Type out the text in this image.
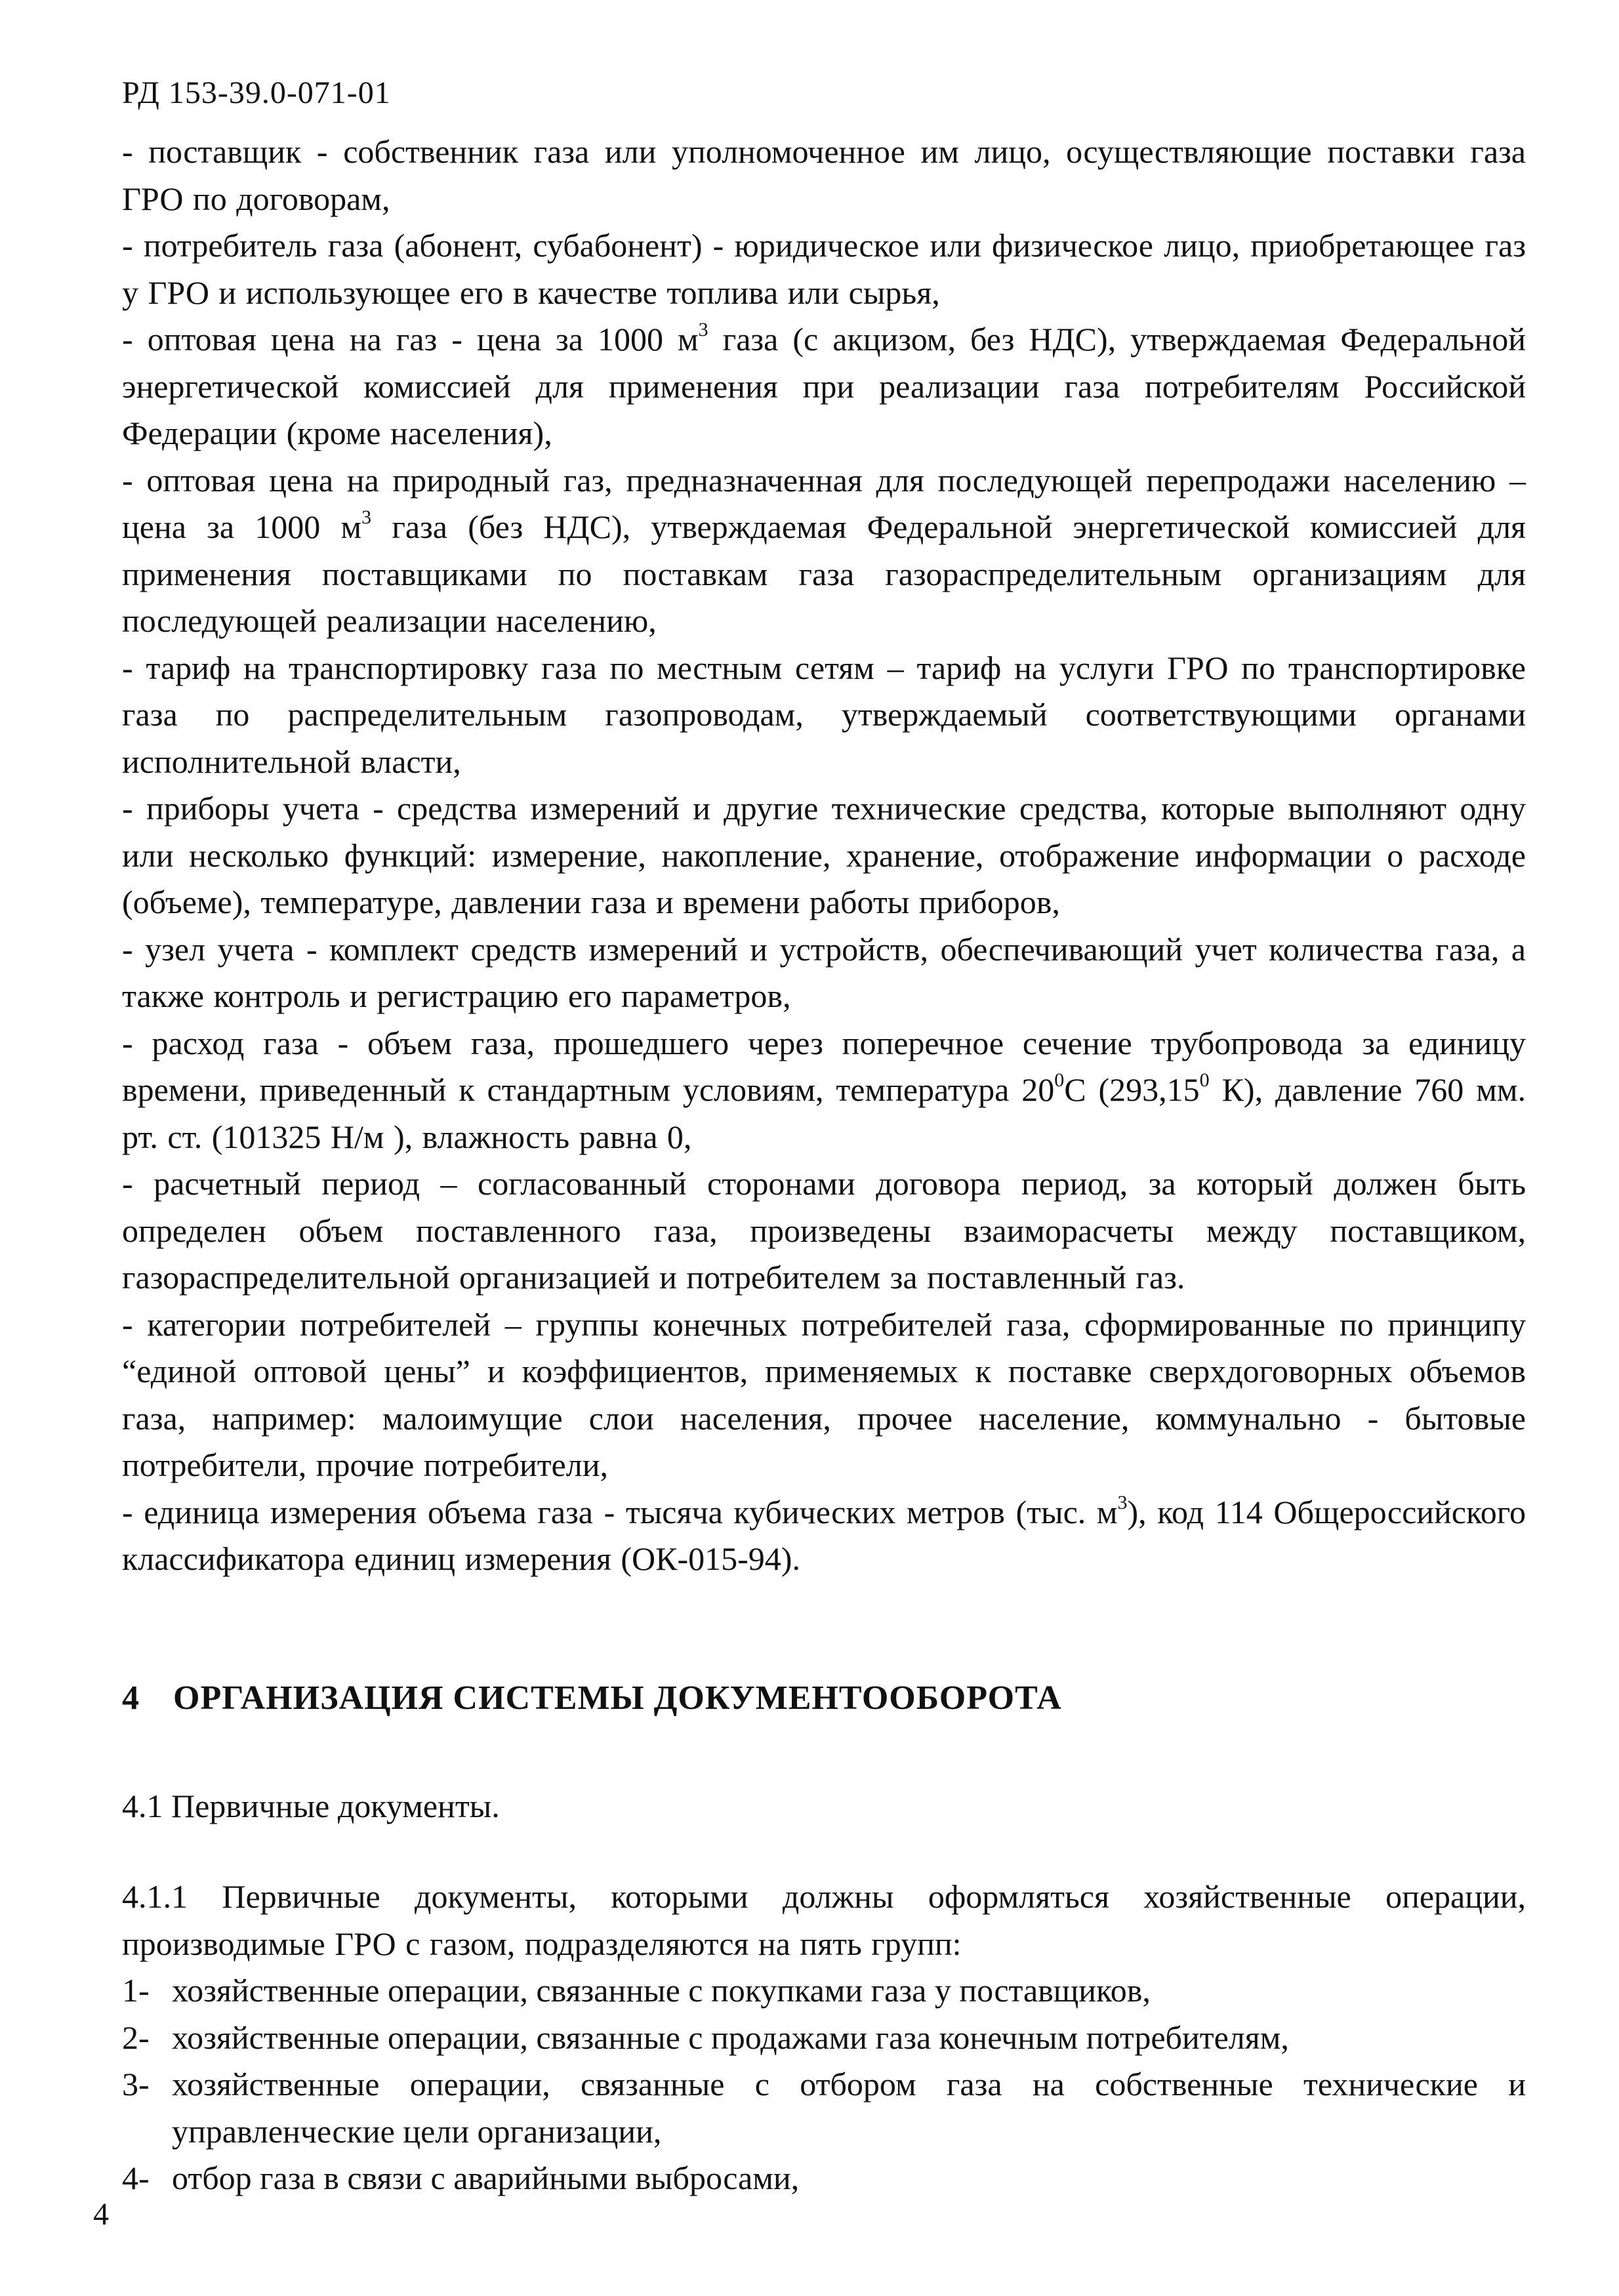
РД 153-39.0-071-01

- поставщик - собственник газа или уполномоченное им лицо, осуществляющие поставки газа ГРО по договорам,

- потребитель газа (абонент, субабонент) - юридическое или физическое лицо, приобретающее газ у ГРО и использующее его в качестве топлива или сырья,

- оптовая цена на газ - цена за 1000 $м^3$ газа (с акцизом, без НДС), утверждаемая Федеральной энергетической комиссией для применения при реализации газа потребителям Российской Федерации (кроме населения),

- оптовая цена на природный газ, предназначенная для последующей перепродажи населению – цена за 1000 $м^3$ газа (без НДС), утверждаемая Федеральной энергетической комиссией для применения поставщиками по поставкам газа газораспределительным организациям для последующей реализации населению,

- тариф на транспортировку газа по местным сетям – тариф на услуги ГРО по транспортировке газа по распределительным газопроводам, утверждаемый соответствующими органами исполнительной власти,

- приборы учета - средства измерений и другие технические средства, которые выполняют одну или несколько функций: измерение, накопление, хранение, отображение информации о расходе (объеме), температуре, давлении газа и времени работы приборов,

- узел учета - комплект средств измерений и устройств, обеспечивающий учет количества газа, а также контроль и регистрацию его параметров,

- расход газа - объем газа, прошедшего через поперечное сечение трубопровода за единицу времени, приведенный к стандартным условиям, температура $20^0С$ (293,15$^0$ К), давление 760 мм. рт. ст. (101325 Н/м ), влажность равна 0,

- расчетный период – согласованный сторонами договора период, за который должен быть определен объем поставленного газа, произведены взаиморасчеты между поставщиком, газораспределительной организацией и потребителем за поставленный газ.

- категории потребителей – группы конечных потребителей газа, сформированные по принципу “единой оптовой цены” и коэффициентов, применяемых к поставке сверхдоговорных объемов газа, например: малоимущие слои населения, прочее население, коммунально - бытовые потребители, прочие потребители,

- единица измерения объема газа - тысяча кубических метров (тыс. $м^3$), код 114 Общероссийского классификатора единиц измерения (ОК-015-94).

4 ОРГАНИЗАЦИЯ СИСТЕМЫ ДОКУМЕНТООБОРОТА
4.1 Первичные документы.

4.1.1 Первичные документы, которыми должны оформляться хозяйственные операции, производимые ГРО с газом, подразделяются на пять групп:

1- хозяйственные операции, связанные с покупками газа у поставщиков,
2- хозяйственные операции, связанные с продажами газа конечным потребителям,
3- хозяйственные операции, связанные с отбором газа на собственные технические и управленческие цели организации,
4- отбор газа в связи с аварийными выбросами,
4
